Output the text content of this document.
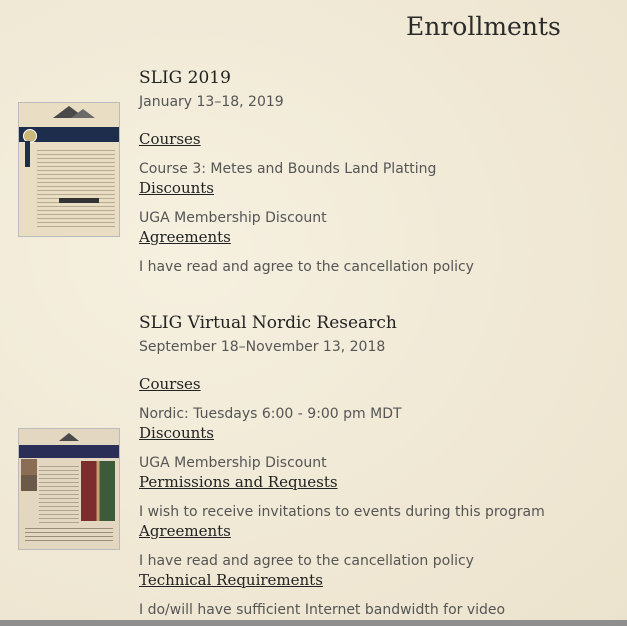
Enrollments
SLIG 2019
January 13–18, 2019
Courses
Course 3: Metes and Bounds Land Platting
Discounts
UGA Membership Discount
Agreements
I have read and agree to the cancellation policy
SLIG Virtual Nordic Research
September 18–November 13, 2018
Courses
Nordic: Tuesdays 6:00 - 9:00 pm MDT
Discounts
UGA Membership Discount
Permissions and Requests
I wish to receive invitations to events during this program
Agreements
I have read and agree to the cancellation policy
Technical Requirements
I do/will have sufficient Internet bandwidth for video
